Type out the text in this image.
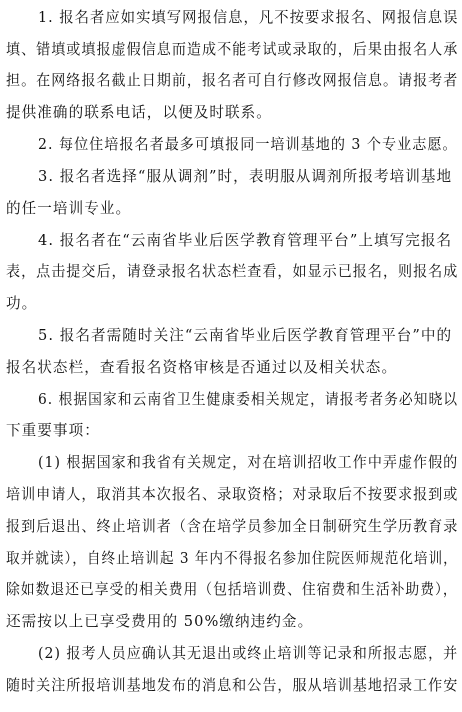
1. 报名者应如实填写网报信息，凡不按要求报名、网报信息误
填、错填或填报虚假信息而造成不能考试或录取的，后果由报名人承
担。在网络报名截止日期前，报名者可自行修改网报信息。请报考者
提供准确的联系电话，以便及时联系。
2. 每位住培报名者最多可填报同一培训基地的 3 个专业志愿。
3. 报名者选择“服从调剂”时，表明服从调剂所报考培训基地
的任一培训专业。
4. 报名者在“云南省毕业后医学教育管理平台”上填写完报名
表，点击提交后，请登录报名状态栏查看，如显示已报名，则报名成
功。
5. 报名者需随时关注“云南省毕业后医学教育管理平台”中的
报名状态栏，查看报名资格审核是否通过以及相关状态。
6. 根据国家和云南省卫生健康委相关规定，请报考者务必知晓以
下重要事项：
(1) 根据国家和我省有关规定，对在培训招收工作中弄虚作假的
培训申请人，取消其本次报名、录取资格；对录取后不按要求报到或
报到后退出、终止培训者（含在培学员参加全日制研究生学历教育录
取并就读），自终止培训起 3 年内不得报名参加住院医师规范化培训，
除如数退还已享受的相关费用（包括培训费、住宿费和生活补助费），
还需按以上已享受费用的 50%缴纳违约金。
(2) 报考人员应确认其无退出或终止培训等记录和所报志愿，并
随时关注所报培训基地发布的消息和公告，服从培训基地招录工作安
